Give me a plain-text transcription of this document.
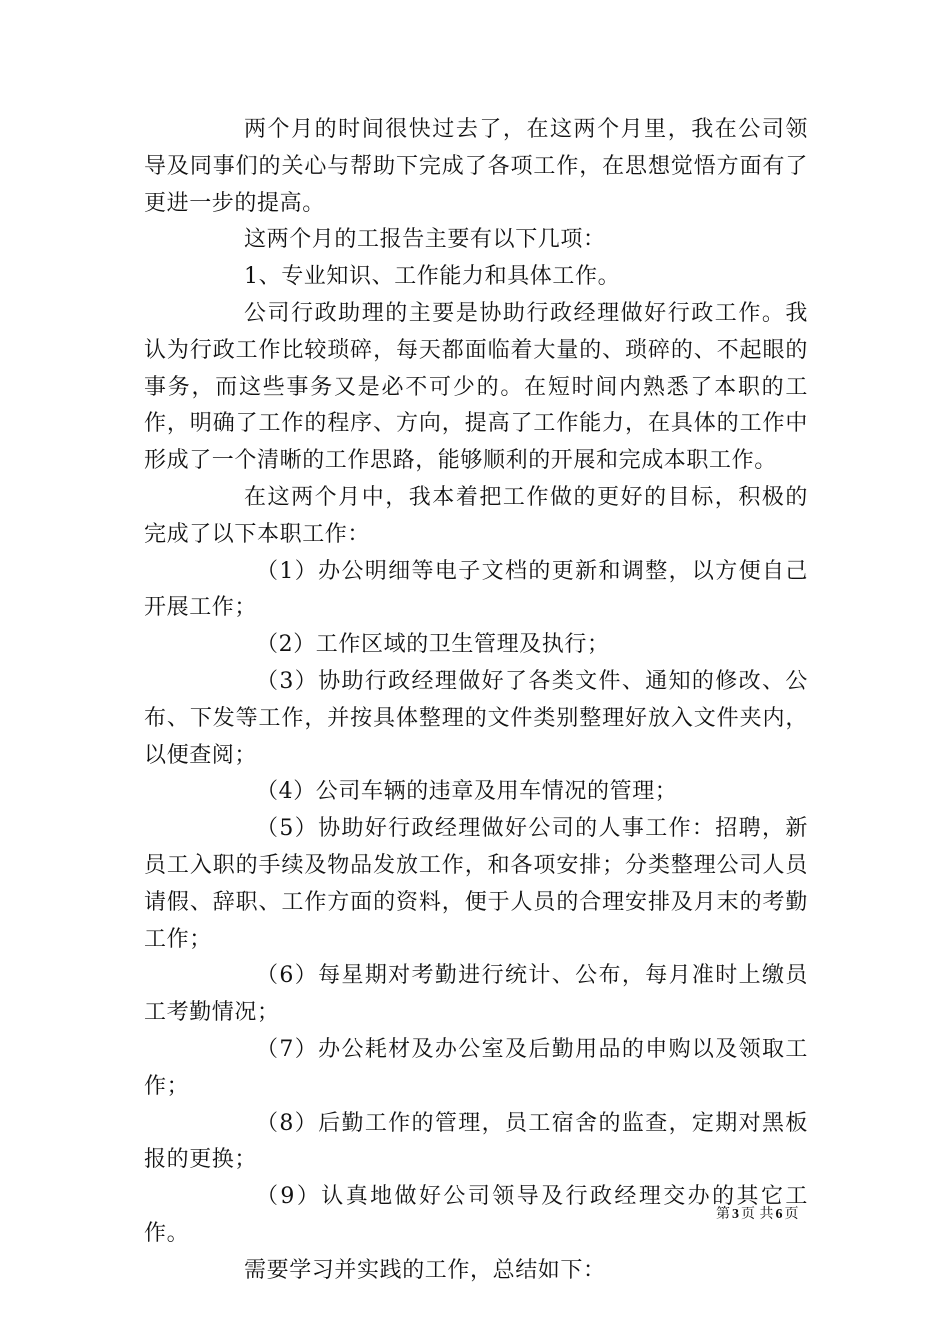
两个月的时间很快过去了，在这两个月里，我在公司领导及同事们的关心与帮助下完成了各项工作，在思想觉悟方面有了更进一步的提高。

这两个月的工报告主要有以下几项：

1、专业知识、工作能力和具体工作。

公司行政助理的主要是协助行政经理做好行政工作。我认为行政工作比较琐碎，每天都面临着大量的、琐碎的、不起眼的事务，而这些事务又是必不可少的。在短时间内熟悉了本职的工作，明确了工作的程序、方向，提高了工作能力，在具体的工作中形成了一个清晰的工作思路，能够顺利的开展和完成本职工作。

在这两个月中，我本着把工作做的更好的目标，积极的完成了以下本职工作：

（1）办公明细等电子文档的更新和调整，以方便自己开展工作；

（2）工作区域的卫生管理及执行；

（3）协助行政经理做好了各类文件、通知的修改、公布、下发等工作，并按具体整理的文件类别整理好放入文件夹内，以便查阅；

（4）公司车辆的违章及用车情况的管理；

（5）协助好行政经理做好公司的人事工作：招聘，新员工入职的手续及物品发放工作，和各项安排；分类整理公司人员请假、辞职、工作方面的资料，便于人员的合理安排及月末的考勤工作；

（6）每星期对考勤进行统计、公布，每月准时上缴员工考勤情况；

（7）办公耗材及办公室及后勤用品的申购以及领取工作；

（8）后勤工作的管理，员工宿舍的监查，定期对黑板报的更换；

（9）认真地做好公司领导及行政经理交办的其它工作。

需要学习并实践的工作，总结如下：

第 3 页 共 6 页
